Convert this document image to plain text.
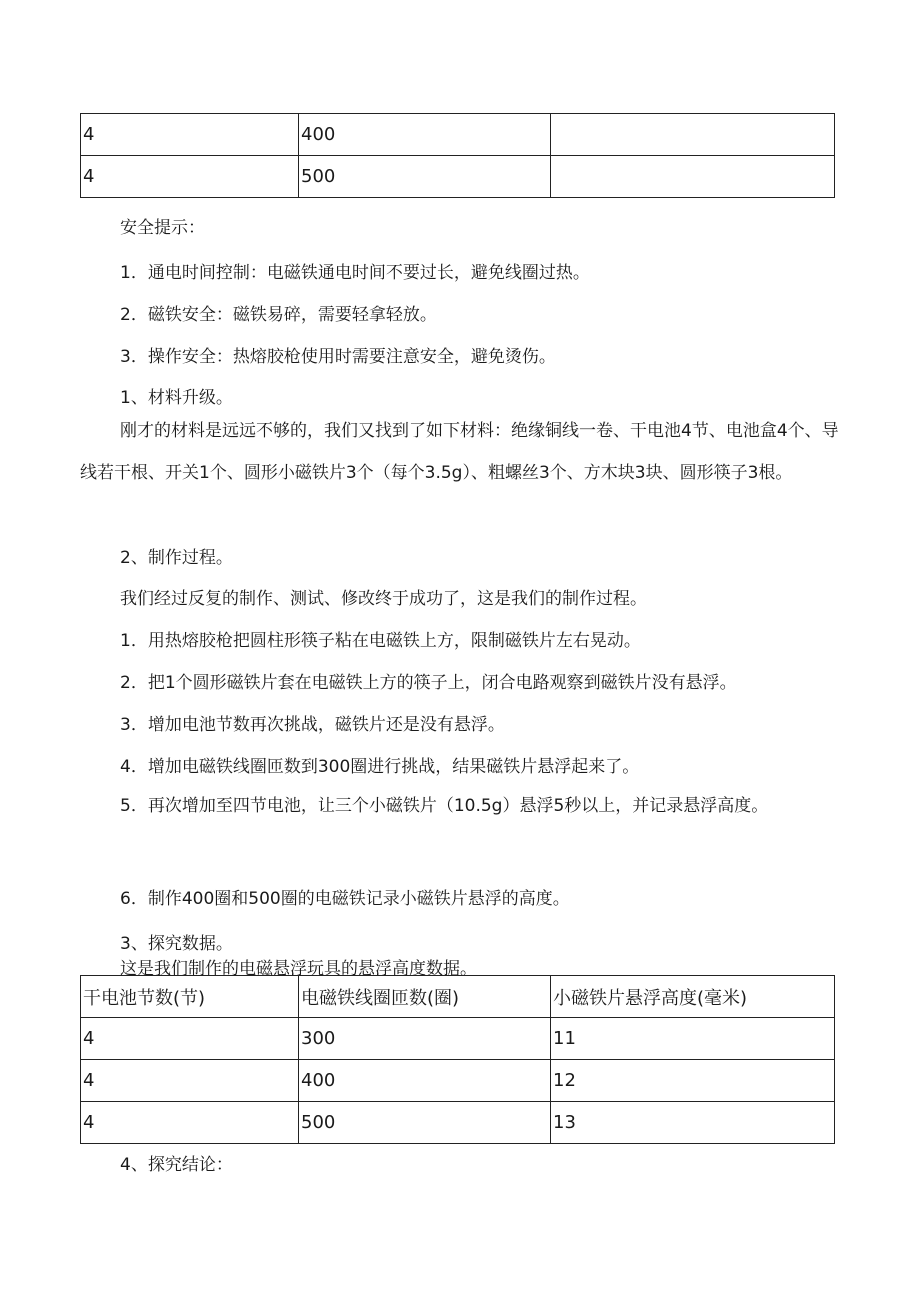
4	400	
4	500	
安全提示：
1．通电时间控制：电磁铁通电时间不要过长，避免线圈过热。
2．磁铁安全：磁铁易碎，需要轻拿轻放。
3．操作安全：热熔胶枪使用时需要注意安全，避免烫伤。
1、材料升级。

刚才的材料是远远不够的，我们又找到了如下材料：绝缘铜线一卷、干电池4节、电池盒4个、导线若干根、开关1个、圆形小磁铁片3个（每个3.5g）、粗螺丝3个、方木块3块、圆形筷子3根。

2、制作过程。
我们经过反复的制作、测试、修改终于成功了，这是我们的制作过程。
1．用热熔胶枪把圆柱形筷子粘在电磁铁上方，限制磁铁片左右晃动。
2．把1个圆形磁铁片套在电磁铁上方的筷子上，闭合电路观察到磁铁片没有悬浮。
3．增加电池节数再次挑战，磁铁片还是没有悬浮。
4．增加电磁铁线圈匝数到300圈进行挑战，结果磁铁片悬浮起来了。

5．再次增加至四节电池，让三个小磁铁片（10.5g）悬浮5秒以上，并记录悬浮高度。

6．制作400圈和500圈的电磁铁记录小磁铁片悬浮的高度。
3、探究数据。
这是我们制作的电磁悬浮玩具的悬浮高度数据。
干电池节数(节)	电磁铁线圈匝数(圈)	小磁铁片悬浮高度(毫米)
4	300	11
4	400	12
4	500	13
4、探究结论：
